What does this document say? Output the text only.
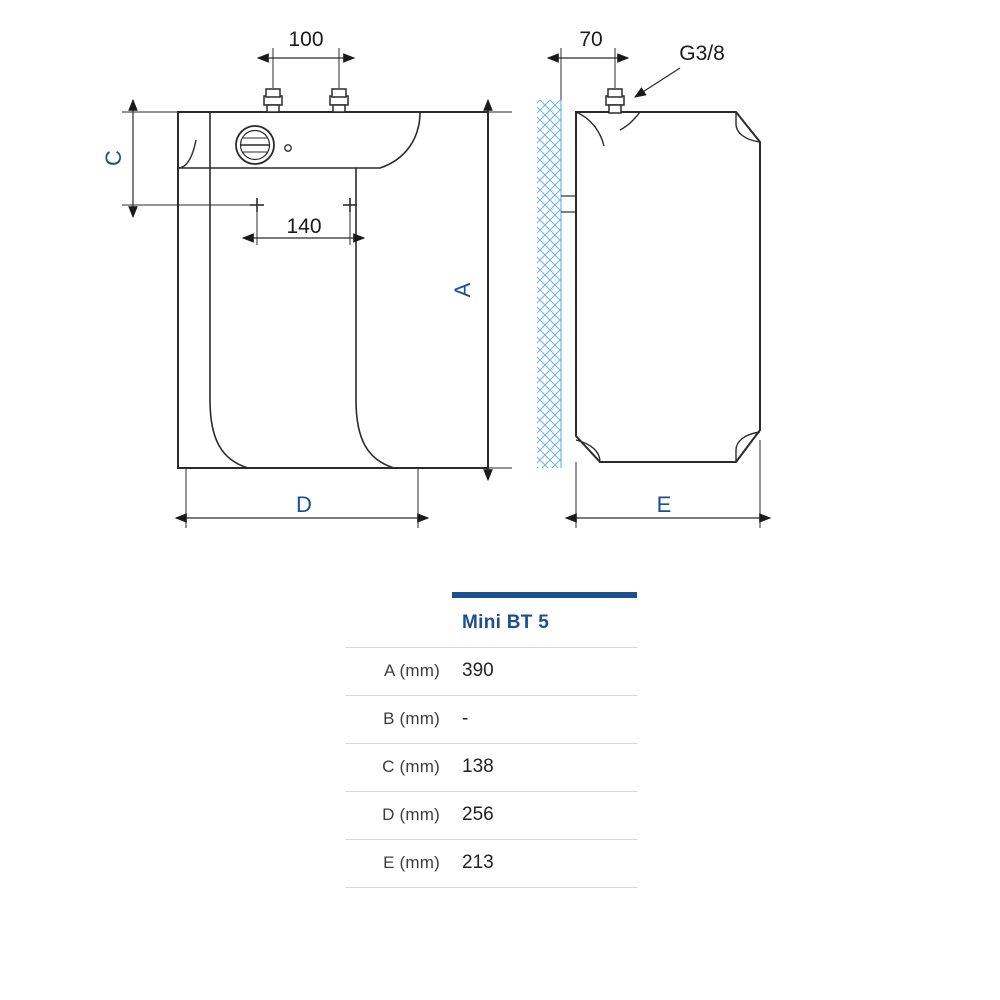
100
140
C
A
D
70
G3/8
E

	Mini BT 5
A (mm)	390
B (mm)	-
C (mm)	138
D (mm)	256
E (mm)	213
